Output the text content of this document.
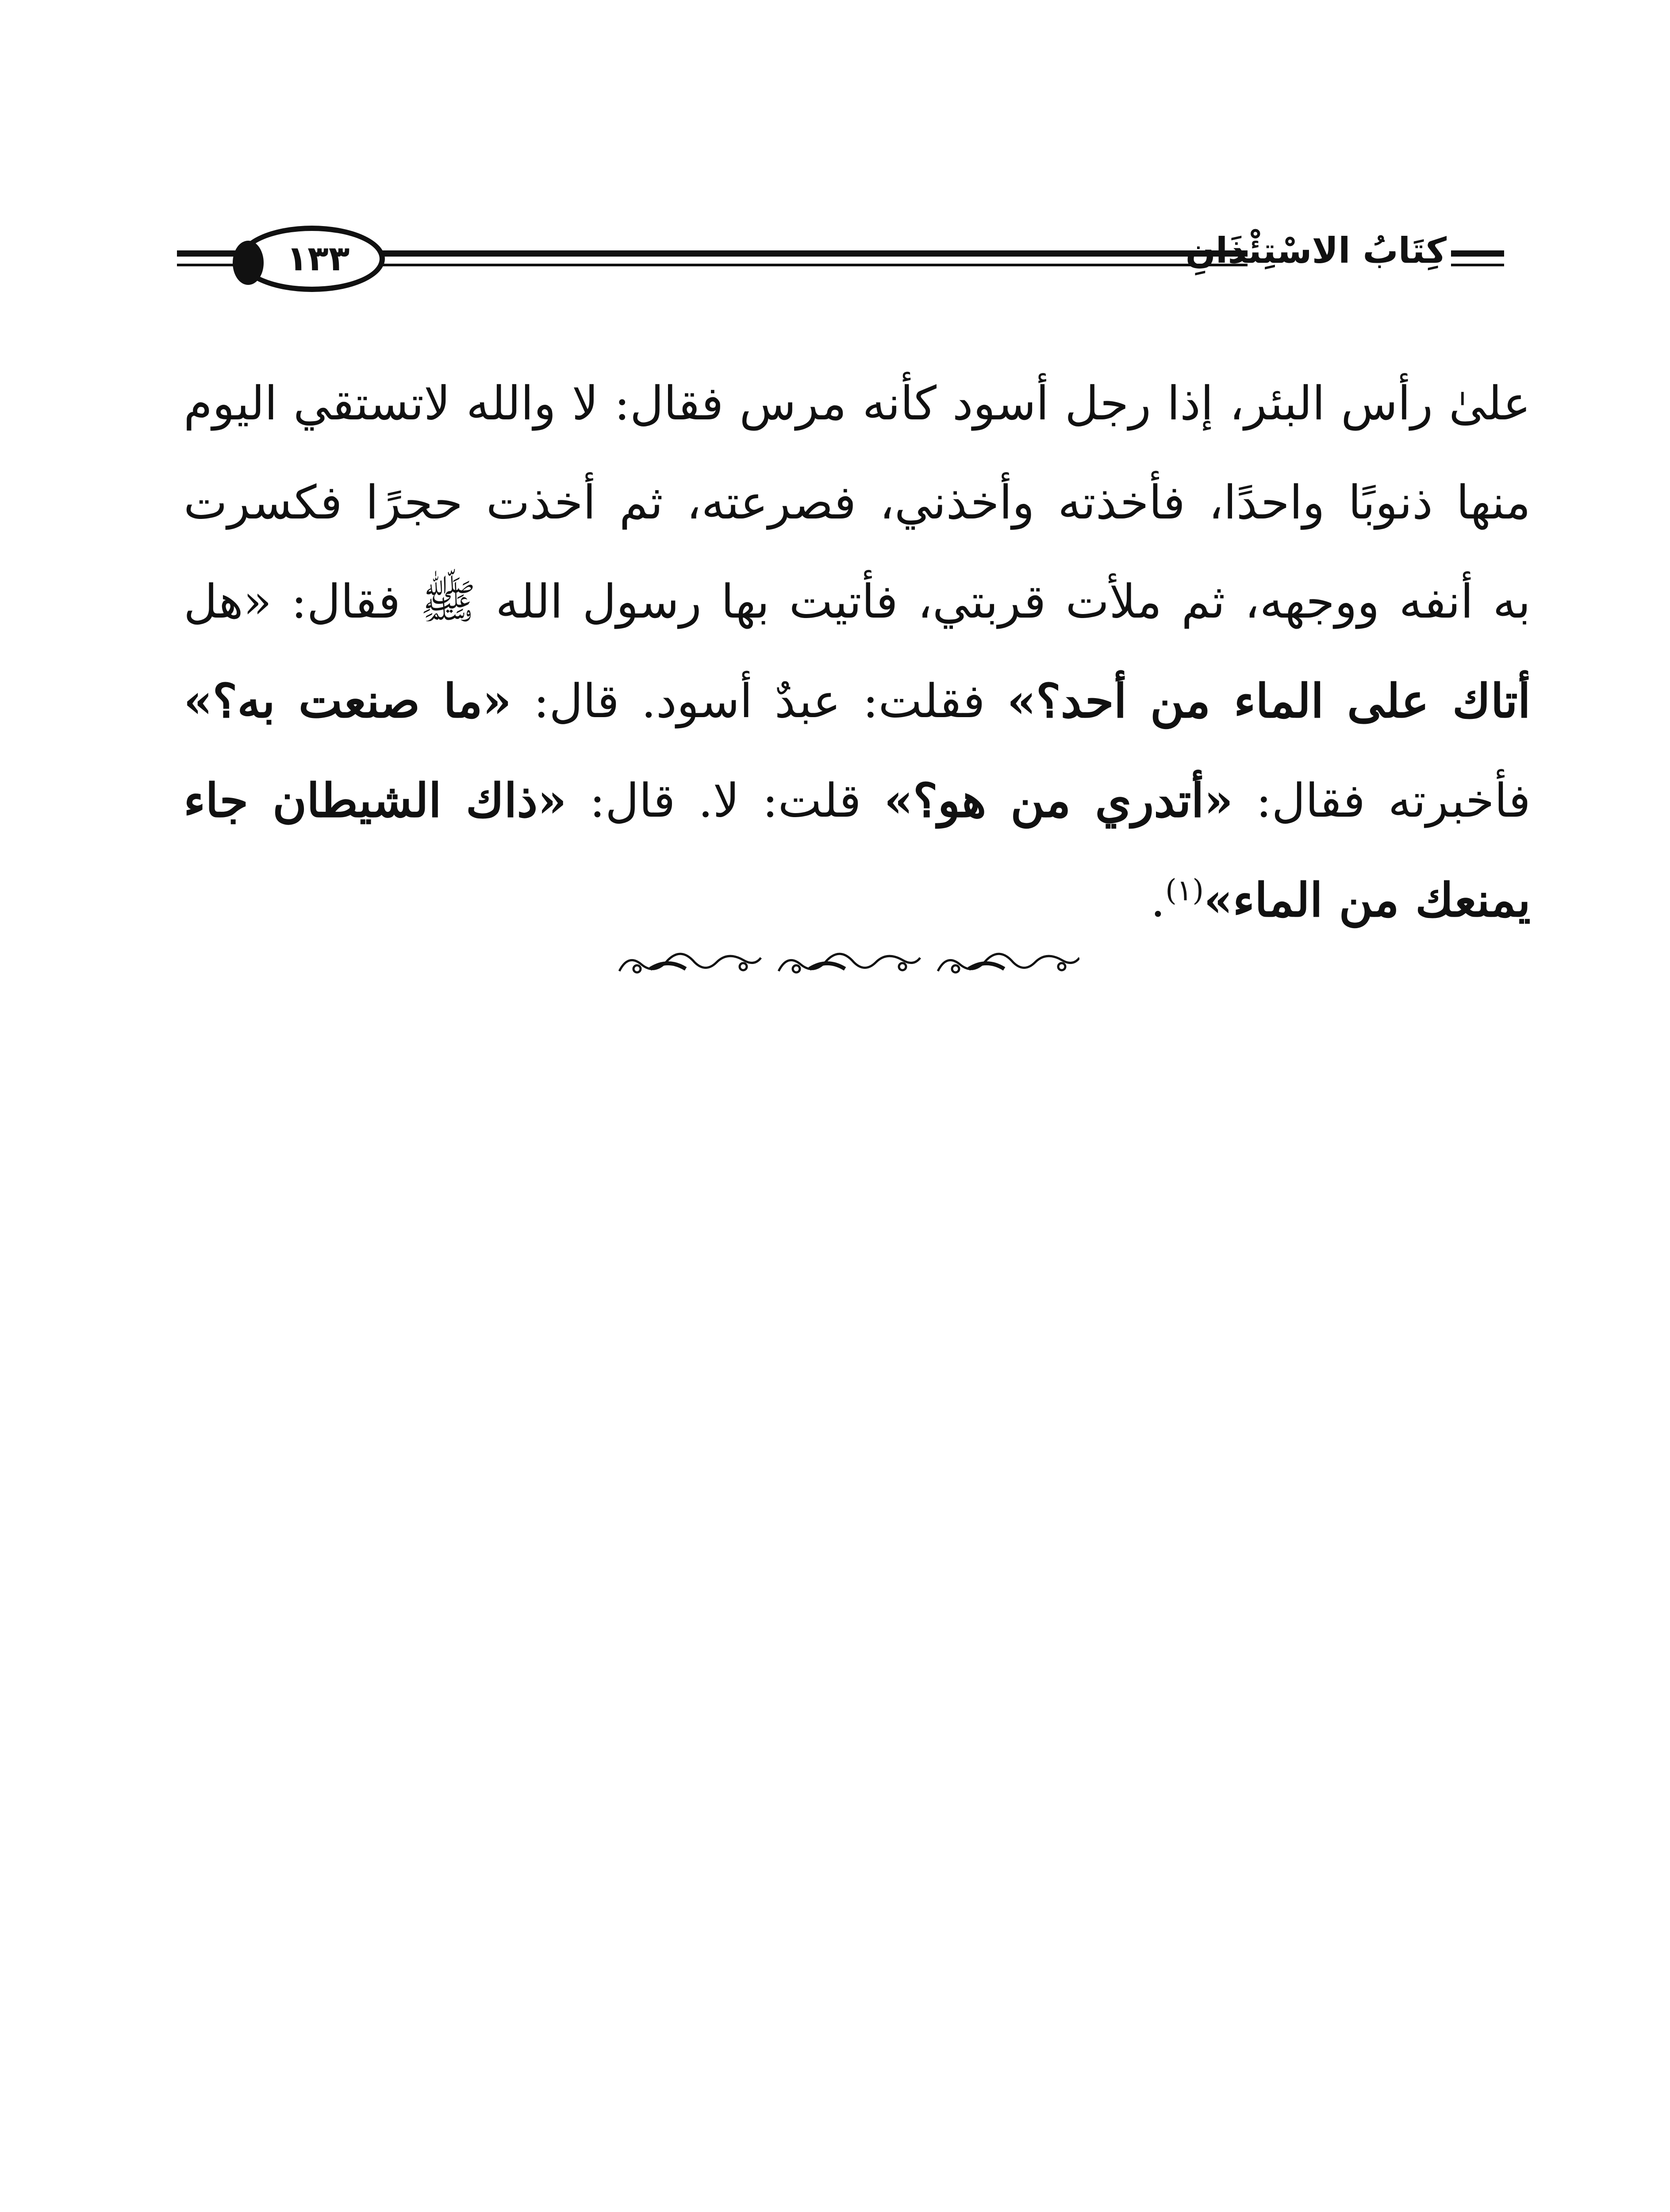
١٣٣	كِتَابُ الاسْتِئْذَانِ
علىٰ رأس البئر، إذا رجل أسود كأنه مرس فقال: لا والله لاتستقي اليوم
منها ذنوبًا واحدًا، فأخذته وأخذني، فصرعته، ثم أخذت حجرًا فكسرت
به أنفه ووجهه، ثم ملأت قربتي، فأتيت بها رسول الله ﷺ فقال: «هل
أتاك على الماء من أحد؟» فقلت: عبدٌ أسود. قال: «ما صنعت به؟»
فأخبرته فقال: «أتدري من هو؟» قلت: لا. قال: «ذاك الشيطان جاء
يمنعك من الماء»$^{(١)}$.
